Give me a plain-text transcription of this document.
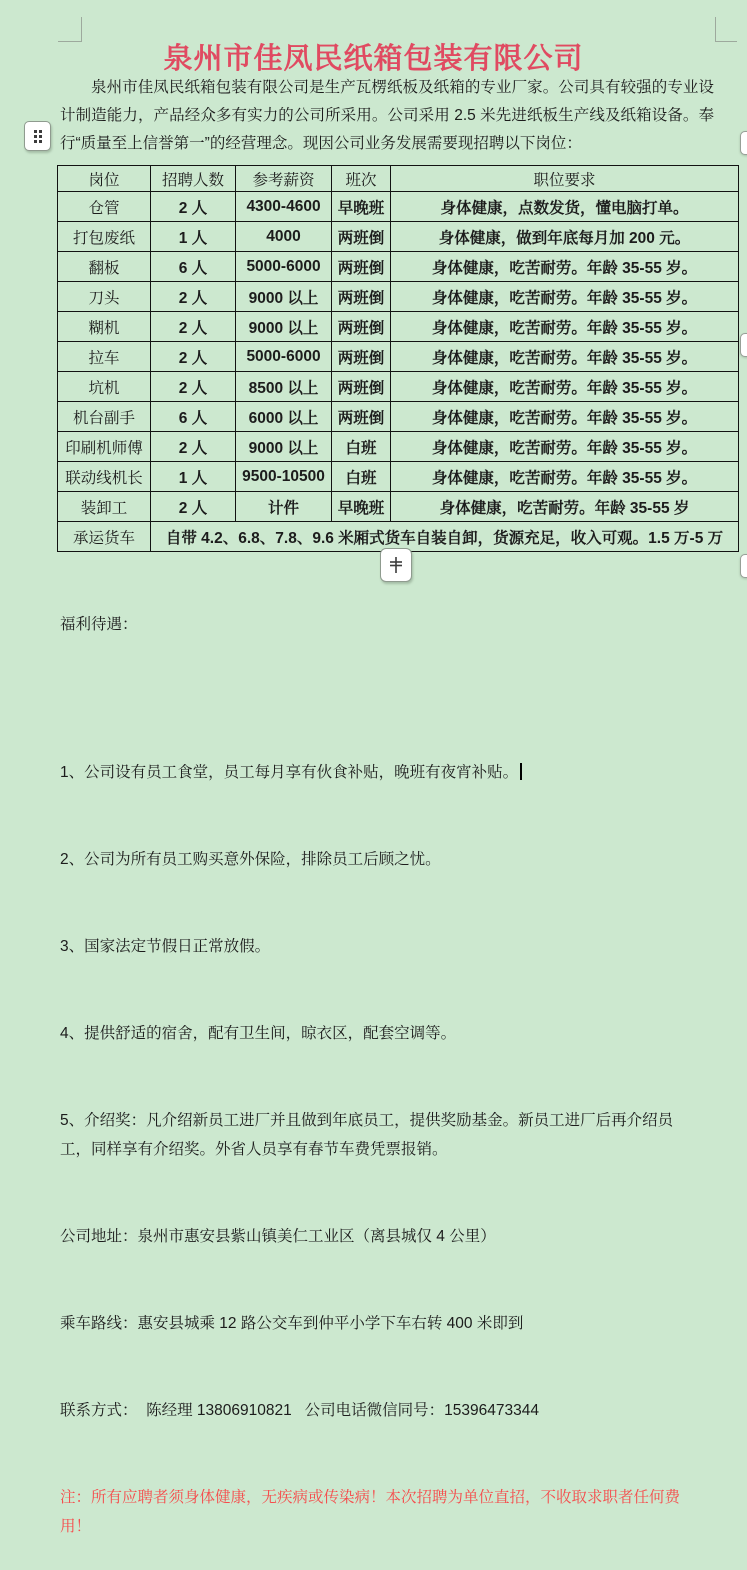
泉州市佳凤民纸箱包装有限公司

泉州市佳凤民纸箱包装有限公司是生产瓦楞纸板及纸箱的专业厂家。公司具有较强的专业设计制造能力，产品经众多有实力的公司所采用。公司采用 2.5 米先进纸板生产线及纸箱设备。奉行“质量至上信誉第一”的经营理念。现因公司业务发展需要现招聘以下岗位：

岗位	招聘人数	参考薪资	班次	职位要求
仓管	2 人	4300-4600	早晚班	身体健康，点数发货，懂电脑打单。
打包废纸	1 人	4000	两班倒	身体健康，做到年底每月加 200 元。
翻板	6 人	5000-6000	两班倒	身体健康，吃苦耐劳。年龄 35-55 岁。
刀头	2 人	9000 以上	两班倒	身体健康，吃苦耐劳。年龄 35-55 岁。
糊机	2 人	9000 以上	两班倒	身体健康，吃苦耐劳。年龄 35-55 岁。
拉车	2 人	5000-6000	两班倒	身体健康，吃苦耐劳。年龄 35-55 岁。
坑机	2 人	8500 以上	两班倒	身体健康，吃苦耐劳。年龄 35-55 岁。
机台副手	6 人	6000 以上	两班倒	身体健康，吃苦耐劳。年龄 35-55 岁。
印刷机师傅	2 人	9000 以上	白班	身体健康，吃苦耐劳。年龄 35-55 岁。
联动线机长	1 人	9500-10500	白班	身体健康，吃苦耐劳。年龄 35-55 岁。
装卸工	2 人	计件	早晚班	身体健康，吃苦耐劳。年龄 35-55 岁
承运货车	自带 4.2、6.8、7.8、9.6 米厢式货车自装自卸，货源充足，收入可观。1.5 万-5 万			

福利待遇：

1、公司设有员工食堂，员工每月享有伙食补贴，晚班有夜宵补贴。

2、公司为所有员工购买意外保险，排除员工后顾之忧。

3、国家法定节假日正常放假。

4、提供舒适的宿舍，配有卫生间，晾衣区，配套空调等。

5、介绍奖：凡介绍新员工进厂并且做到年底员工，提供奖励基金。新员工进厂后再介绍员工，同样享有介绍奖。外省人员享有春节车费凭票报销。

公司地址：泉州市惠安县紫山镇美仁工业区（离县城仅 4 公里）

乘车路线：惠安县城乘 12 路公交车到仲平小学下车右转 400 米即到

联系方式：  陈经理 13806910821   公司电话微信同号：15396473344

注：所有应聘者须身体健康，无疾病或传染病！本次招聘为单位直招，不收取求职者任何费用！
